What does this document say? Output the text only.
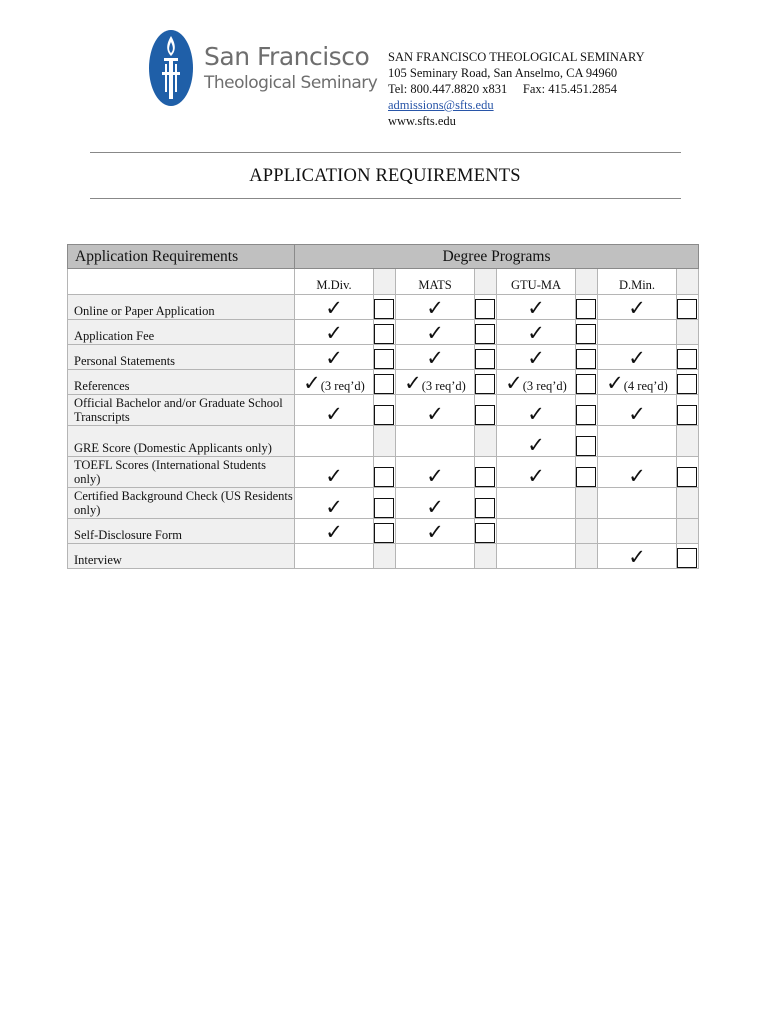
San Francisco
Theological Seminary
SAN FRANCISCO THEOLOGICAL SEMINARY
105 Seminary Road, San Anselmo, CA 94960
Tel: 800.447.8820 x831     Fax: 415.451.2854
admissions@sfts.edu
www.sfts.edu
APPLICATION REQUIREMENTS
Application Requirements	Degree Programs							
	M.Div.		MATS		GTU-MA		D.Min.	
Online or Paper Application	✓		✓		✓		✓	

Application Fee	✓		✓		✓	

Personal Statements	✓		✓		✓		✓	

References	✓(3 req’d)		✓(3 req’d)		✓(3 req’d)		✓(4 req’d)	

Official Bachelor and/or Graduate School Transcripts	✓		✓		✓		✓	

GRE Score (Domestic Applicants only)					✓	

TOEFL Scores (International Students only)	✓		✓		✓		✓	

Certified Background Check (US Residents only)	✓		✓	

Self-Disclosure Form	✓		✓	

Interview							✓	
